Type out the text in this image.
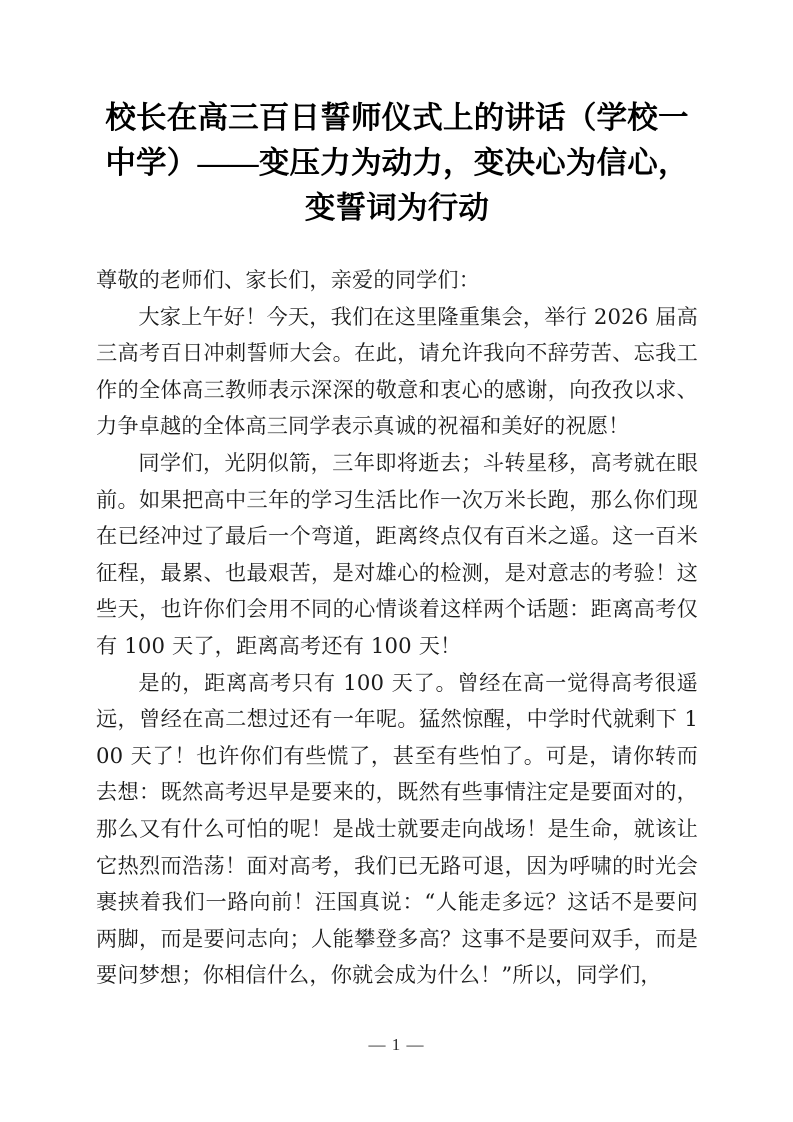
校长在高三百日誓师仪式上的讲话（学校一中学）——变压力为动力，变决心为信心，变誓词为行动

尊敬的老师们、家长们，亲爱的同学们：

大家上午好！今天，我们在这里隆重集会，举行 2026 届高三高考百日冲刺誓师大会。在此，请允许我向不辞劳苦、忘我工作的全体高三教师表示深深的敬意和衷心的感谢，向孜孜以求、力争卓越的全体高三同学表示真诚的祝福和美好的祝愿！

同学们，光阴似箭，三年即将逝去；斗转星移，高考就在眼前。如果把高中三年的学习生活比作一次万米长跑，那么你们现在已经冲过了最后一个弯道，距离终点仅有百米之遥。这一百米征程，最累、也最艰苦，是对雄心的检测，是对意志的考验！这些天，也许你们会用不同的心情谈着这样两个话题：距离高考仅有 100 天了，距离高考还有 100 天！

是的，距离高考只有 100 天了。曾经在高一觉得高考很遥远，曾经在高二想过还有一年呢。猛然惊醒，中学时代就剩下 100 天了！也许你们有些慌了，甚至有些怕了。可是，请你转而去想：既然高考迟早是要来的，既然有些事情注定是要面对的，那么又有什么可怕的呢！是战士就要走向战场！是生命，就该让它热烈而浩荡！面对高考，我们已无路可退，因为呼啸的时光会裹挟着我们一路向前！汪国真说：“人能走多远？这话不是要问两脚，而是要问志向；人能攀登多高？这事不是要问双手，而是要问梦想；你相信什么，你就会成为什么！”所以，同学们，

— 1 —
